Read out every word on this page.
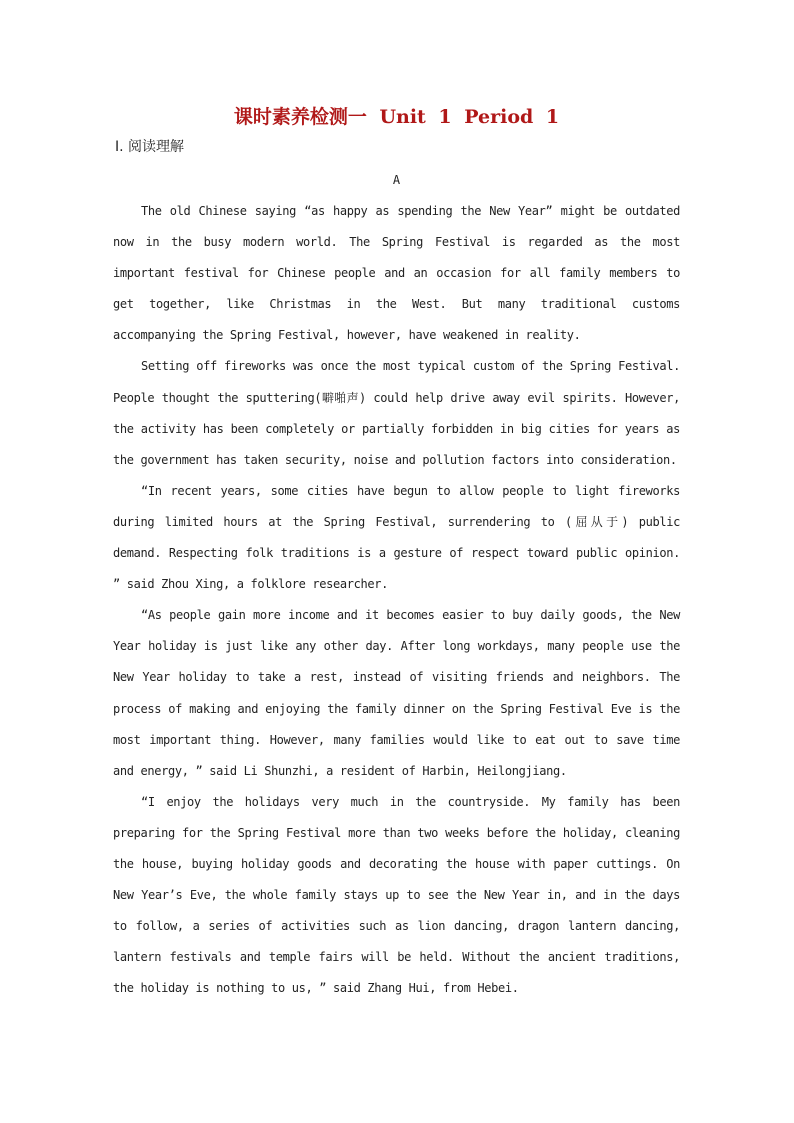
课时素养检测一 Unit 1 Period 1
Ⅰ. 阅读理解
A

The old Chinese saying “as happy as spending the New Year” might be outdated now in the busy modern world. The Spring Festival is regarded as the most important festival for Chinese people and an occasion for all family members to get together, like Christmas in the West. But many traditional customs accompanying the Spring Festival, however, have weakened in reality.

Setting off fireworks was once the most typical custom of the Spring Festival. People thought the sputtering(噼啪声) could help drive away evil spirits. However, the activity has been completely or partially forbidden in big cities for years as the government has taken security, noise and pollution factors into consideration.

“In recent years, some cities have begun to allow people to light fireworks during limited hours at the Spring Festival, surrendering to (屈从于) public demand. Respecting folk traditions is a gesture of respect toward public opinion. ” said Zhou Xing, a folklore researcher.

“As people gain more income and it becomes easier to buy daily goods, the New Year holiday is just like any other day. After long workdays, many people use the New Year holiday to take a rest, instead of visiting friends and neighbors. The process of making and enjoying the family dinner on the Spring Festival Eve is the most important thing. However, many families would like to eat out to save time and energy, ” said Li Shunzhi, a resident of Harbin, Heilongjiang.

“I enjoy the holidays very much in the countryside. My family has been preparing for the Spring Festival more than two weeks before the holiday, cleaning the house, buying holiday goods and decorating the house with paper cuttings. On New Year’s Eve, the whole family stays up to see the New Year in, and in the days to follow, a series of activities such as lion dancing, dragon lantern dancing, lantern festivals and temple fairs will be held. Without the ancient traditions, the holiday is nothing to us, ” said Zhang Hui, from Hebei.
